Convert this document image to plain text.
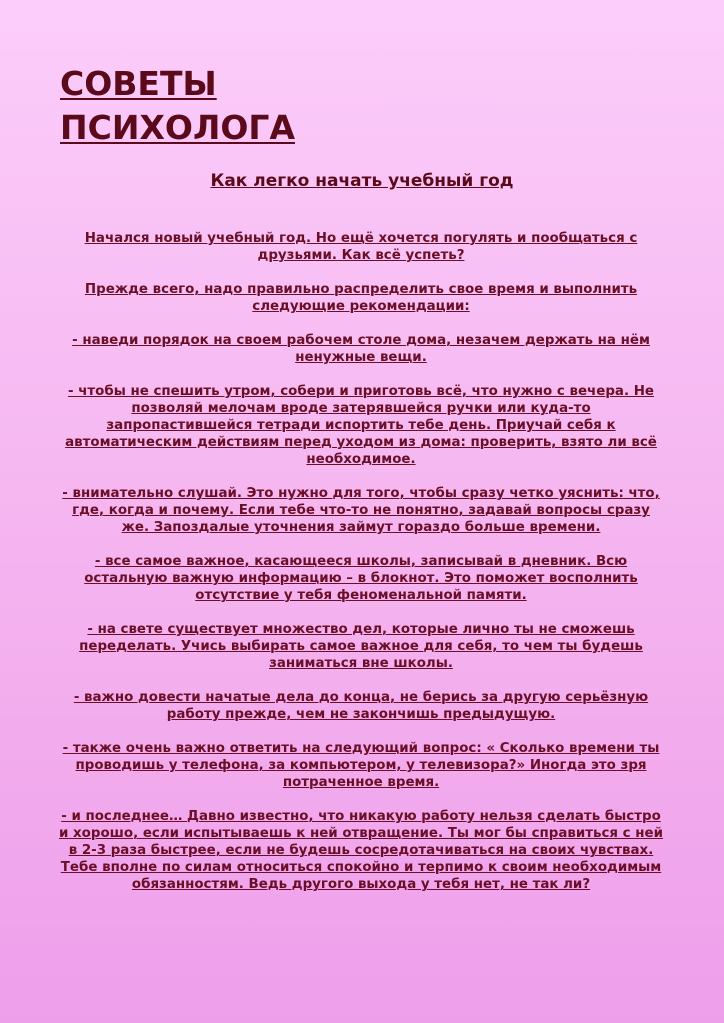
СОВЕТЫ
ПСИХОЛОГА
Как легко начать учебный год

Начался новый учебный год. Но ещё хочется погулять и пообщаться с друзьями. Как всё успеть?

Прежде всего, надо правильно распределить свое время и выполнить следующие рекомендации:

- наведи порядок на своем рабочем столе дома, незачем держать на нём ненужные вещи.

- чтобы не спешить утром, собери и приготовь всё, что нужно с вечера. Не позволяй мелочам вроде затерявшейся ручки или куда-то запропастившейся тетради испортить тебе день. Приучай себя к автоматическим действиям перед уходом из дома: проверить, взято ли всё необходимое.

- внимательно слушай. Это нужно для того, чтобы сразу четко уяснить: что, где, когда и почему. Если тебе что-то не понятно, задавай вопросы сразу же. Запоздалые уточнения займут гораздо больше времени.

- все самое важное, касающееся школы, записывай в дневник. Всю остальную важную информацию – в блокнот. Это поможет восполнить отсутствие у тебя феноменальной памяти.

- на свете существует множество дел, которые лично ты не сможешь переделать. Учись выбирать самое важное для себя, то чем ты будешь заниматься вне школы.

- важно довести начатые дела до конца, не берись за другую серьёзную работу прежде, чем не закончишь предыдущую.

- также очень важно ответить на следующий вопрос: « Сколько времени ты проводишь у телефона, за компьютером, у телевизора?» Иногда это зря потраченное время.

- и последнее… Давно известно, что никакую работу нельзя сделать быстро и хорошо, если испытываешь к ней отвращение. Ты мог бы справиться с ней в 2-3 раза быстрее, если не будешь сосредотачиваться на своих чувствах. Тебе вполне по силам относиться спокойно и терпимо к своим необходимым обязанностям. Ведь другого выхода у тебя нет, не так ли?
